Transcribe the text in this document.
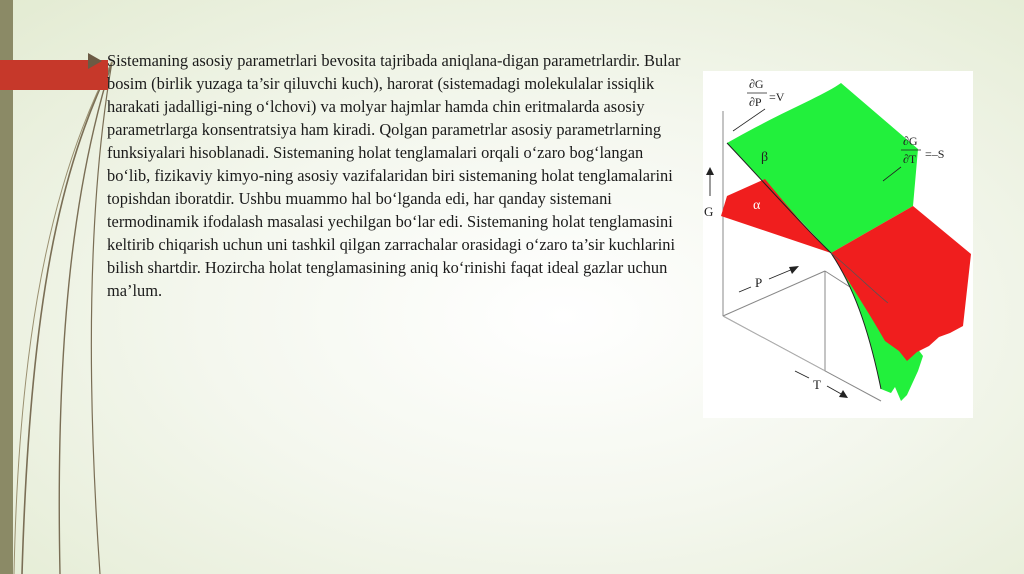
Sistemaning asosiy parametrlari bevosita tajribada aniqlana-digan parametrlardir. Bular bosim (birlik yuzaga ta’sir qiluvchi kuch), harorat (sistemadagi molekulalar issiqlik harakati jadalligi-ning o‘lchovi) va molyar hajmlar hamda chin eritmalarda asosiy parametrlarga konsentratsiya ham kiradi. Qolgan parametrlar asosiy parametrlarning funksiyalari hisoblanadi. Sistemaning holat tenglamalari orqali o‘zaro bog‘langan bo‘lib, fizikaviy kimyo-ning asosiy vazifalaridan biri sistemaning holat tenglamalarini topishdan iboratdir. Ushbu muammo hal bo‘lganda edi, har qanday sistemani termodinamik ifodalash masalasi yechilgan bo‘lar edi. Sistemaning holat tenglamasini keltirib chiqarish uchun uni tashkil qilgan zarrachalar orasidagi o‘zaro ta’sir kuchlarini bilish shartdir. Hozircha holat tenglamasining aniq ko‘rinishi faqat ideal gazlar uchun ma’lum.

∂G
∂P =V
∂G
∂T =–S
β
α
G
P
T
